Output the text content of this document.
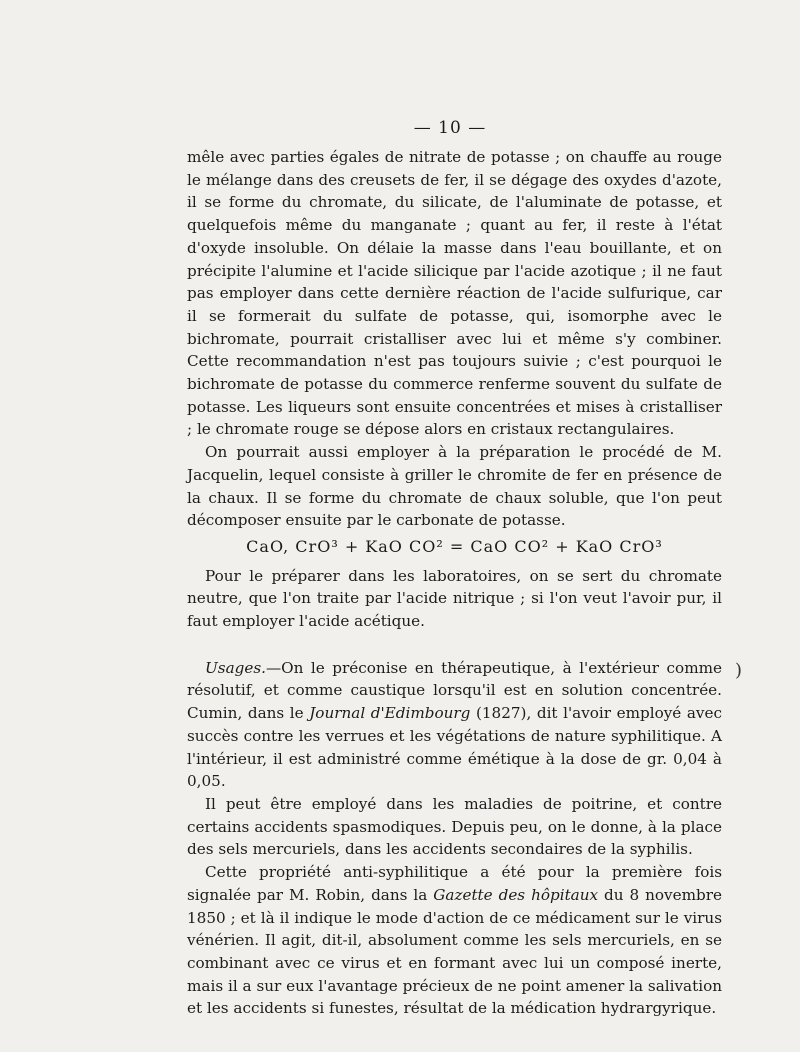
— 10 —

mêle avec parties égales de nitrate de potasse ; on chauffe au rouge le mélange dans des creusets de fer, il se dégage des oxydes d'azote, il se forme du chromate, du silicate, de l'aluminate de potasse, et quelquefois même du manganate ; quant au fer, il reste à l'état d'oxyde insoluble. On délaie la masse dans l'eau bouillante, et on précipite l'alumine et l'acide silicique par l'acide azotique ; il ne faut pas employer dans cette dernière réaction de l'acide sulfurique, car il se formerait du sulfate de potasse, qui, isomorphe avec le bichromate, pourrait cristalliser avec lui et même s'y combiner. Cette recommandation n'est pas toujours suivie ; c'est pourquoi le bichromate de potasse du commerce renferme souvent du sulfate de potasse. Les liqueurs sont ensuite concentrées et mises à cristalliser ; le chromate rouge se dépose alors en cristaux rectangulaires.

On pourrait aussi employer à la préparation le procédé de M. Jacquelin, lequel consiste à griller le chromite de fer en présence de la chaux. Il se forme du chromate de chaux soluble, que l'on peut décomposer ensuite par le carbonate de potasse.

CaO, CrO³ + KaO CO² = CaO CO² + KaO CrO³

Pour le préparer dans les laboratoires, on se sert du chromate neutre, que l'on traite par l'acide nitrique ; si l'on veut l'avoir pur, il faut employer l'acide acétique.

Usages.—On le préconise en thérapeutique, à l'extérieur comme résolutif, et comme caustique lorsqu'il est en solution concentrée. Cumin, dans le Journal d'Edimbourg (1827), dit l'avoir employé avec succès contre les verrues et les végétations de nature syphilitique. A l'intérieur, il est administré comme émétique à la dose de gr. 0,04 à 0,05.

Il peut être employé dans les maladies de poitrine, et contre certains accidents spasmodiques. Depuis peu, on le donne, à la place des sels mercuriels, dans les accidents secondaires de la syphilis.

Cette propriété anti-syphilitique a été pour la première fois signalée par M. Robin, dans la Gazette des hôpitaux du 8 novembre 1850 ; et là il indique le mode d'action de ce médicament sur le virus vénérien. Il agit, dit-il, absolument comme les sels mercuriels, en se combinant avec ce virus et en formant avec lui un composé inerte, mais il a sur eux l'avantage précieux de ne point amener la salivation et les accidents si funestes, résultat de la médication hydrargyrique.

)
